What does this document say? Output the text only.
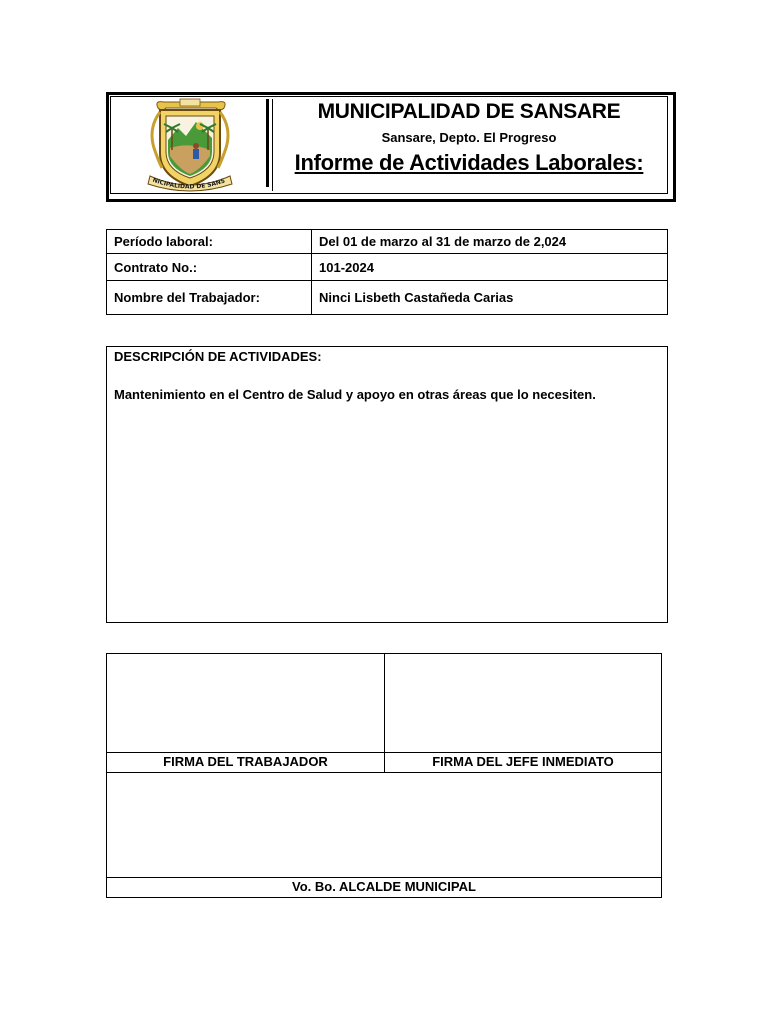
NICIPALIDAD DE SANS
MUNICIPALIDAD DE SANSARE
Sansare, Depto. El Progreso
Informe de Actividades Laborales:
Período laboral:	Del 01 de marzo al 31 de marzo de 2,024
Contrato No.:	101-2024
Nombre del Trabajador:	Ninci Lisbeth Castañeda Carias
DESCRIPCIÓN DE ACTIVIDADES:
Mantenimiento en el Centro de Salud y apoyo en otras áreas que lo necesiten.
FIRMA DEL TRABAJADOR	FIRMA DEL JEFE INMEDIATO
Vo. Bo. ALCALDE MUNICIPAL
